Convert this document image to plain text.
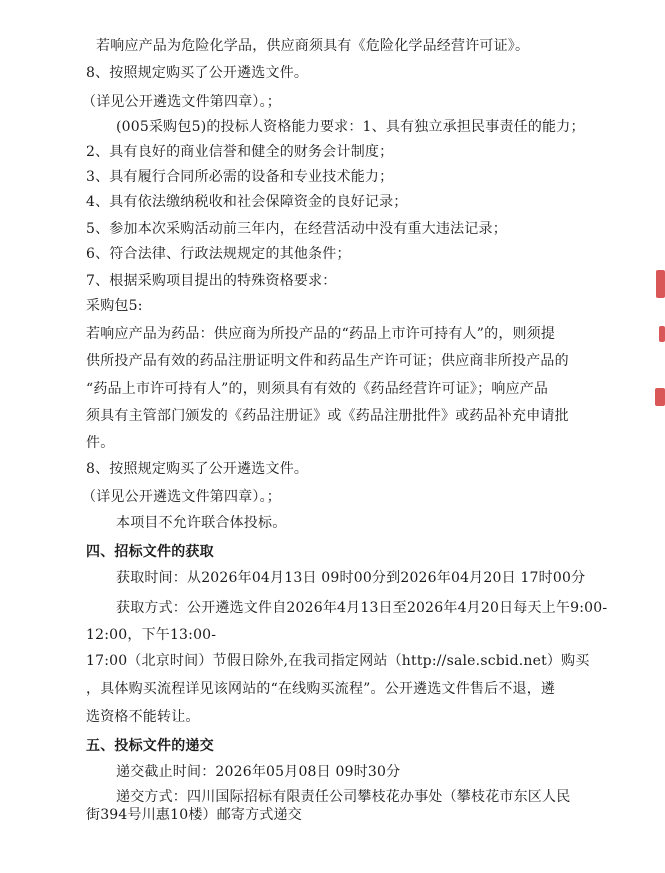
若响应产品为危险化学品，供应商须具有《危险化学品经营许可证》。
8、按照规定购买了公开遴选文件。
（详见公开遴选文件第四章）。；
(005采购包5)的投标人资格能力要求：1、具有独立承担民事责任的能力；
2、具有良好的商业信誉和健全的财务会计制度；
3、具有履行合同所必需的设备和专业技术能力；
4、具有依法缴纳税收和社会保障资金的良好记录；
5、参加本次采购活动前三年内，在经营活动中没有重大违法记录；
6、符合法律、行政法规规定的其他条件；
7、根据采购项目提出的特殊资格要求：
采购包5:
若响应产品为药品：供应商为所投产品的“药品上市许可持有人”的，则须提
供所投产品有效的药品注册证明文件和药品生产许可证；供应商非所投产品的
“药品上市许可持有人”的，则须具有有效的《药品经营许可证》；响应产品
须具有主管部门颁发的《药品注册证》或《药品注册批件》或药品补充申请批
件。
8、按照规定购买了公开遴选文件。
（详见公开遴选文件第四章）。；
本项目不允许联合体投标。
四、招标文件的获取
获取时间：从2026年04月13日 09时00分到2026年04月20日 17时00分
获取方式：公开遴选文件自2026年4月13日至2026年4月20日每天上午9:00-
12:00，下午13:00-
17:00（北京时间）节假日除外,在我司指定网站（http://sale.scbid.net）购买
，具体购买流程详见该网站的“在线购买流程”。公开遴选文件售后不退，遴
选资格不能转让。
五、投标文件的递交
递交截止时间：2026年05月08日 09时30分
递交方式：四川国际招标有限责任公司攀枝花办事处（攀枝花市东区人民
街394号川惠10楼）邮寄方式递交
